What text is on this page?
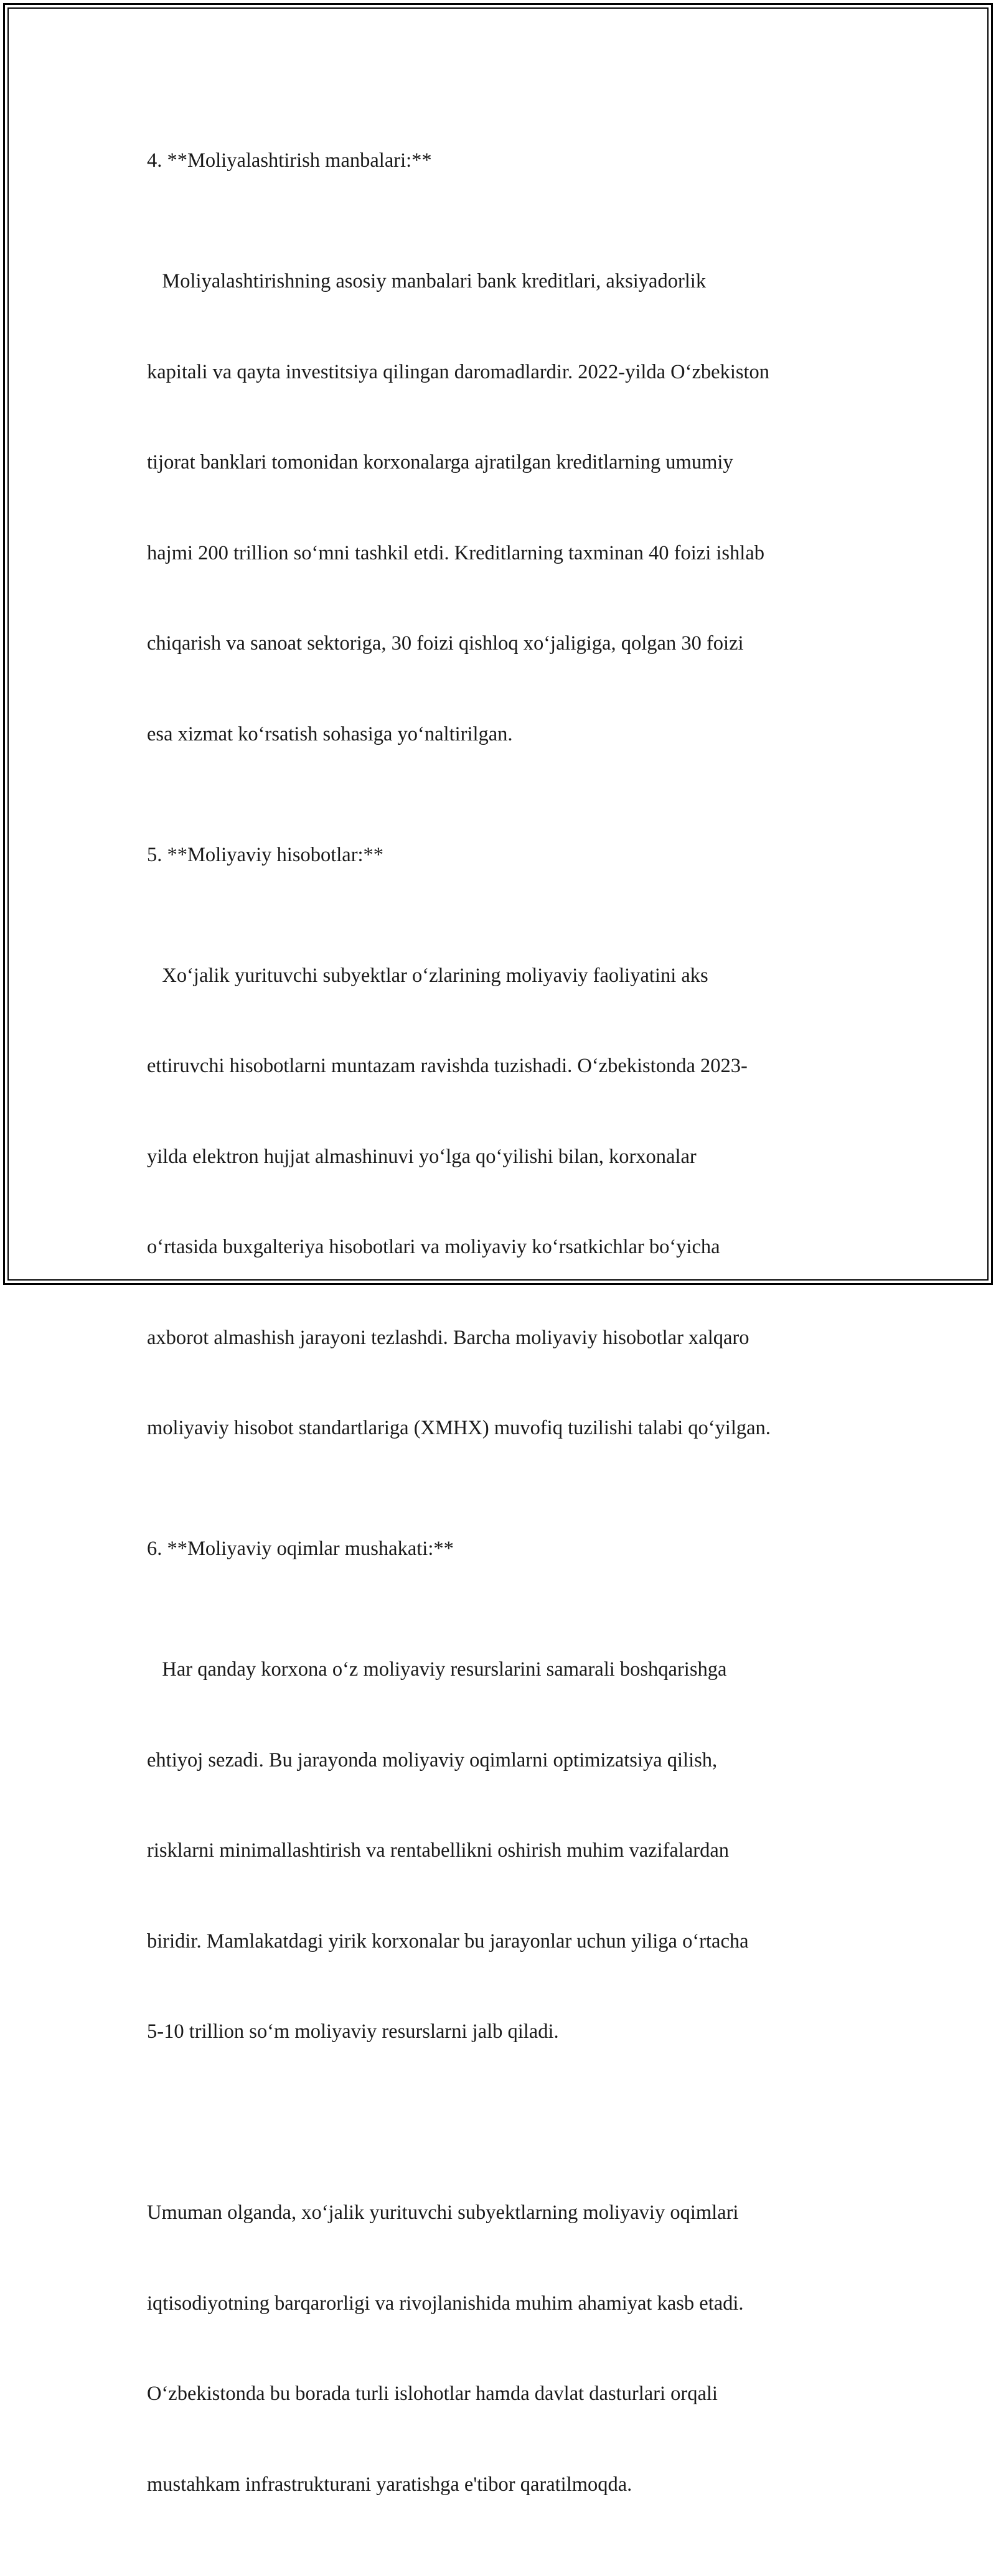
4. **Moliyalashtirish manbalari:**

Moliyalashtirishning asosiy manbalari bank kreditlari, aksiyadorlik

kapitali va qayta investitsiya qilingan daromadlardir. 2022-yilda O‘zbekiston

tijorat banklari tomonidan korxonalarga ajratilgan kreditlarning umumiy

hajmi 200 trillion so‘mni tashkil etdi. Kreditlarning taxminan 40 foizi ishlab

chiqarish va sanoat sektoriga, 30 foizi qishloq xo‘jaligiga, qolgan 30 foizi

esa xizmat ko‘rsatish sohasiga yo‘naltirilgan.

5. **Moliyaviy hisobotlar:**

Xo‘jalik yurituvchi subyektlar o‘zlarining moliyaviy faoliyatini aks

ettiruvchi hisobotlarni muntazam ravishda tuzishadi. O‘zbekistonda 2023-

yilda elektron hujjat almashinuvi yo‘lga qo‘yilishi bilan, korxonalar

o‘rtasida buxgalteriya hisobotlari va moliyaviy ko‘rsatkichlar bo‘yicha

axborot almashish jarayoni tezlashdi. Barcha moliyaviy hisobotlar xalqaro

moliyaviy hisobot standartlariga (XMHX) muvofiq tuzilishi talabi qo‘yilgan.

6. **Moliyaviy oqimlar mushakati:**

Har qanday korxona o‘z moliyaviy resurslarini samarali boshqarishga

ehtiyoj sezadi. Bu jarayonda moliyaviy oqimlarni optimizatsiya qilish,

risklarni minimallashtirish va rentabellikni oshirish muhim vazifalardan

biridir. Mamlakatdagi yirik korxonalar bu jarayonlar uchun yiliga o‘rtacha

5-10 trillion so‘m moliyaviy resurslarni jalb qiladi.

Umuman olganda, xo‘jalik yurituvchi subyektlarning moliyaviy oqimlari

iqtisodiyotning barqarorligi va rivojlanishida muhim ahamiyat kasb etadi.

O‘zbekistonda bu borada turli islohotlar hamda davlat dasturlari orqali

mustahkam infrastrukturani yaratishga e'tibor qaratilmoqda.
